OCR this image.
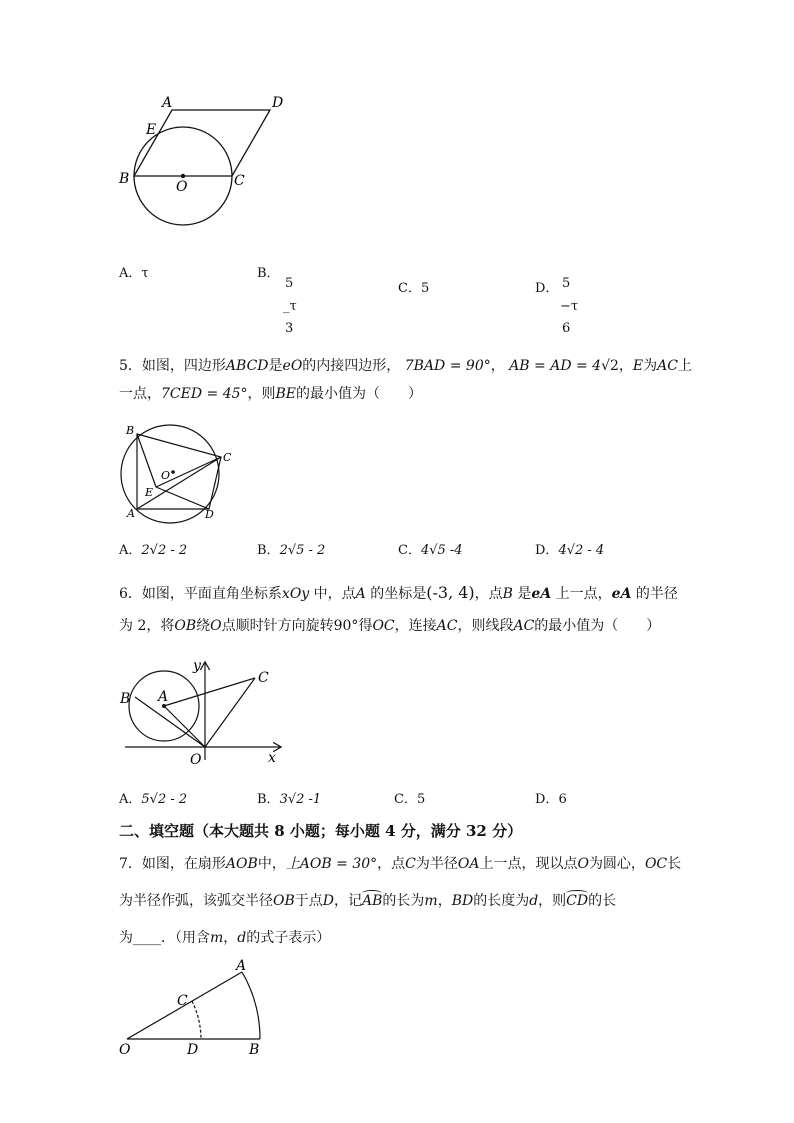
A	D
E
B	O	C
A．τ	B．
5
_τ
3
C．5	D． 5
−τ
6
5．如图，四边形ABCD是eO的内接四边形， 7BAD = 90°， AB = AD = 4√2，E为AC上
一点，7CED = 45°，则BE的最小值为（　　）
B
C
O
E
A	D
A．2√2 - 2	B．2√5 - 2	C．4√5 -4	D．4√2 - 4
6．如图，平面直角坐标系xOy 中，点A 的坐标是(-3, 4)，点B 是eA 上一点，eA 的半径
为 2，将OB绕O点顺时针方向旋转90°得OC，连接AC，则线段AC的最小值为（　　）
y
C
B A
O	x
A．5√2 - 2	B．3√2 -1	C．5	D．6
二、填空题（本大题共 8 小题；每小题 4 分，满分 32 分）
7．如图，在扇形AOB中，上AOB = 30°，点C为半径OA上一点，现以点O为圆心，OC长
为半径作弧，该弧交半径OB于点D，记AB的长为m，BD的长度为d，则CD的长
为____．（用含m，d的式子表示）
A
C
O	D	B
